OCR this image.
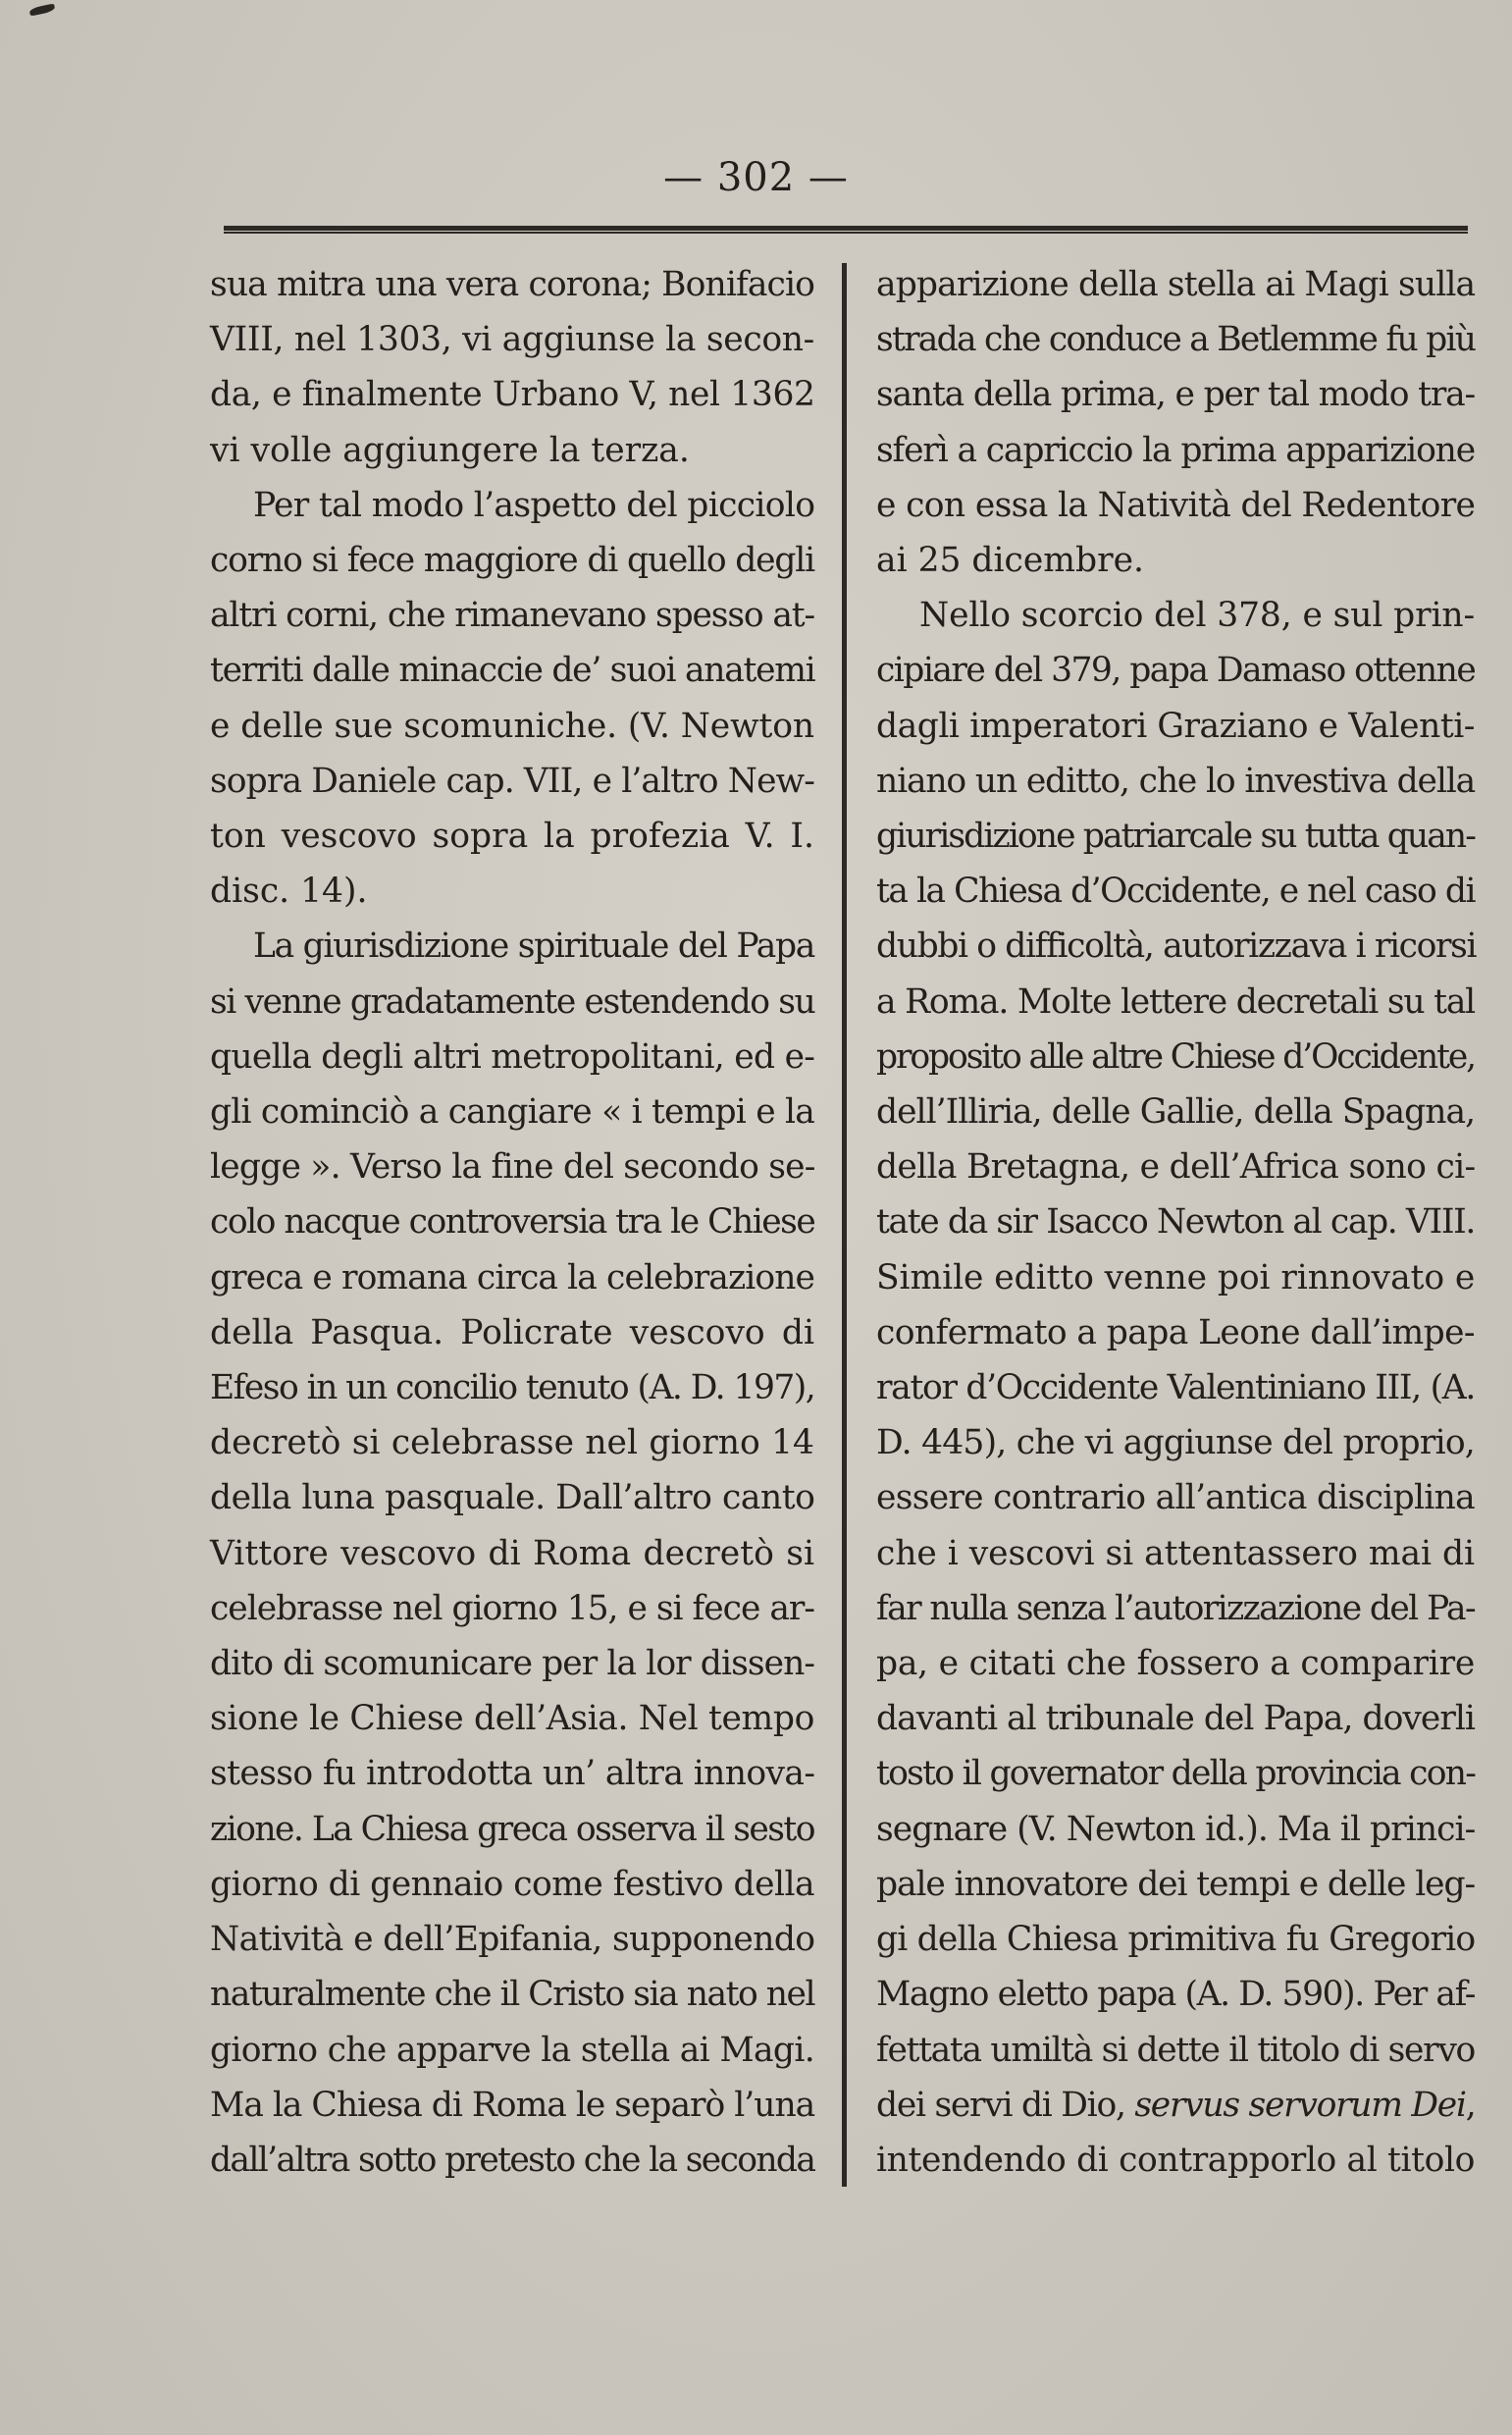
— 302 —
sua mitra una vera corona; Bonifacio
VIII, nel 1303, vi aggiunse la secon-
da, e finalmente Urbano V, nel 1362
vi volle aggiungere la terza.
Per tal modo l’aspetto del picciolo
corno si fece maggiore di quello degli
altri corni, che rimanevano spesso at-
territi dalle minaccie de’ suoi anatemi
e delle sue scomuniche. (V. Newton
sopra Daniele cap. VII, e l’altro New-
ton vescovo sopra la profezia V. I.
disc. 14).
La giurisdizione spirituale del Papa
si venne gradatamente estendendo su
quella degli altri metropolitani, ed e-
gli cominciò a cangiare « i tempi e la
legge ». Verso la fine del secondo se-
colo nacque controversia tra le Chiese
greca e romana circa la celebrazione
della Pasqua. Policrate vescovo di
Efeso in un concilio tenuto (A. D. 197),
decretò si celebrasse nel giorno 14
della luna pasquale. Dall’altro canto
Vittore vescovo di Roma decretò si
celebrasse nel giorno 15, e si fece ar-
dito di scomunicare per la lor dissen-
sione le Chiese dell’Asia. Nel tempo
stesso fu introdotta un’ altra innova-
zione. La Chiesa greca osserva il sesto
giorno di gennaio come festivo della
Natività e dell’Epifania, supponendo
naturalmente che il Cristo sia nato nel
giorno che apparve la stella ai Magi.
Ma la Chiesa di Roma le separò l’una
dall’altra sotto pretesto che la seconda
apparizione della stella ai Magi sulla
strada che conduce a Betlemme fu più
santa della prima, e per tal modo tra-
sferì a capriccio la prima apparizione
e con essa la Natività del Redentore
ai 25 dicembre.
Nello scorcio del 378, e sul prin-
cipiare del 379, papa Damaso ottenne
dagli imperatori Graziano e Valenti-
niano un editto, che lo investiva della
giurisdizione patriarcale su tutta quan-
ta la Chiesa d’Occidente, e nel caso di
dubbi o difficoltà, autorizzava i ricorsi
a Roma. Molte lettere decretali su tal
proposito alle altre Chiese d’Occidente,
dell’Illiria, delle Gallie, della Spagna,
della Bretagna, e dell’Africa sono ci-
tate da sir Isacco Newton al cap. VIII.
Simile editto venne poi rinnovato e
confermato a papa Leone dall’impe-
rator d’Occidente Valentiniano III, (A.
D. 445), che vi aggiunse del proprio,
essere contrario all’antica disciplina
che i vescovi si attentassero mai di
far nulla senza l’autorizzazione del Pa-
pa, e citati che fossero a comparire
davanti al tribunale del Papa, doverli
tosto il governator della provincia con-
segnare (V. Newton id.). Ma il princi-
pale innovatore dei tempi e delle leg-
gi della Chiesa primitiva fu Gregorio
Magno eletto papa (A. D. 590). Per af-
fettata umiltà si dette il titolo di servo
dei servi di Dio, servus servorum Dei,
intendendo di contrapporlo al titolo
